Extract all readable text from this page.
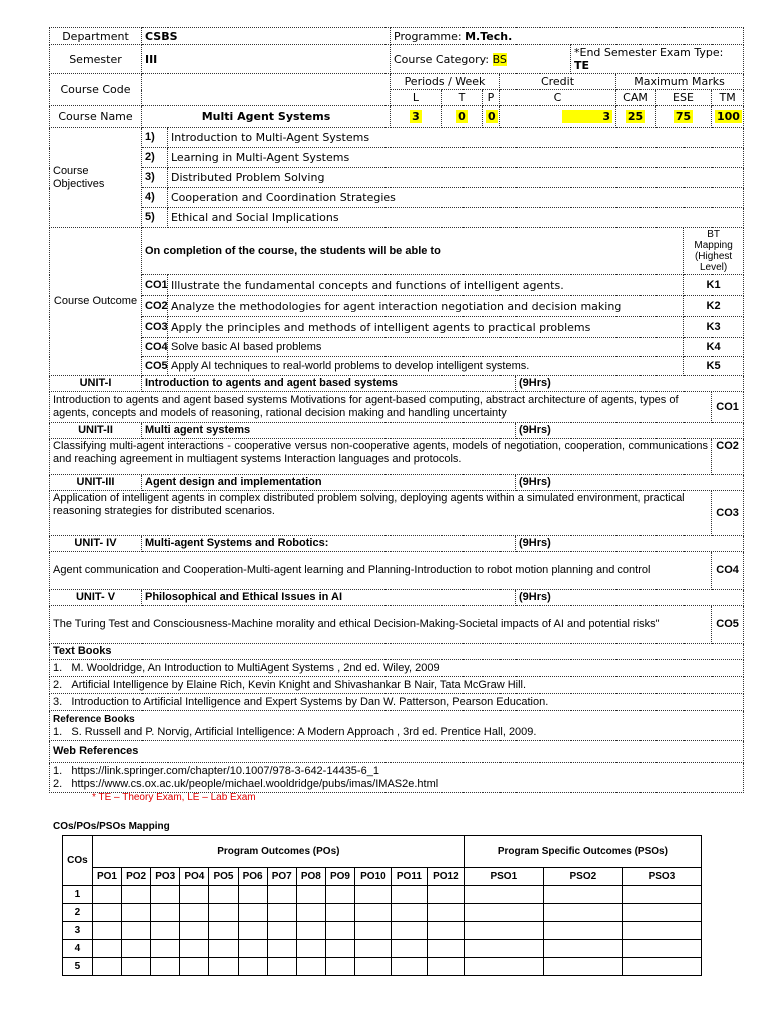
Department	CSBS		Programme: M.Tech.									
Semester	III		Course Category: BS					*End Semester Exam Type: TE				
Course Code			Periods / Week			Credit			Maximum Marks			
			L	T	P	C			CAM	ESE		TM
Course Name	Multi Agent Systems		3	0	0	3			25	75		100
Course Objectives	1)	Introduction to Multi-Agent Systems										
	2)	Learning in Multi-Agent Systems										
	3)	Distributed Problem Solving										
	4)	Cooperation and Coordination Strategies										
	5)	Ethical and Social Implications										
Course Outcome	On completion of the course, the students will be able to										BT Mapping (Highest Level)	
	CO1	Illustrate the fundamental concepts and functions of intelligent agents.									K1	
	CO2	Analyze the methodologies for agent interaction negotiation and decision making									K2	
	CO3	Apply the principles and methods of intelligent agents to practical problems									K3	
	CO4	Solve basic AI based problems									K4	
	CO5	Apply AI techniques to real-world problems to develop intelligent systems.									K5	
UNIT-I	Introduction to agents and agent based systems						(9Hrs)					
Introduction to agents and agent based systems Motivations for agent-based computing, abstract architecture of agents, types of agents, concepts and models of reasoning, rational decision making and handling uncertainty												CO1
UNIT-II	Multi agent systems						(9Hrs)					
Classifying multi-agent interactions - cooperative versus non-cooperative agents, models of negotiation, cooperation, communications and reaching agreement in multiagent systems Interaction languages and protocols.												CO2
UNIT-III	Agent design and implementation						(9Hrs)					
Application of intelligent agents in complex distributed problem solving, deploying agents within a simulated environment, practical reasoning strategies for distributed scenarios.												CO3
UNIT- IV	Multi-agent Systems and Robotics:						(9Hrs)					
Agent communication and Cooperation-Multi-agent learning and Planning-Introduction to robot motion planning and control												CO4
UNIT- V	Philosophical and Ethical Issues in AI						(9Hrs)					
The Turing Test and Consciousness-Machine morality and ethical Decision-Making-Societal impacts of AI and potential risks"												CO5
Text Books												
1. M. Wooldridge, An Introduction to MultiAgent Systems , 2nd ed. Wiley, 2009												
2. Artificial Intelligence by Elaine Rich, Kevin Knight and Shivashankar B Nair, Tata McGraw Hill.												
3. Introduction to Artificial Intelligence and Expert Systems by Dan W. Patterson, Pearson Education.												
Reference Books
1. S. Russell and P. Norvig, Artificial Intelligence: A Modern Approach , 3rd ed. Prentice Hall, 2009.												
Web References												
1. https://link.springer.com/chapter/10.1007/978-3-642-14435-6_1
2. https://www.cs.ox.ac.uk/people/michael.wooldridge/pubs/imas/IMAS2e.html												
* TE – Theory Exam, LE – Lab Exam
COs/POs/PSOs Mapping
COs	Program Outcomes (POs)												Program Specific Outcomes (PSOs)		
	PO1	PO2	PO3	PO4	PO5	PO6	PO7	PO8	PO9	PO10	PO11	PO12	PSO1	PSO2	PSO3
1															
2															
3															
4															
5															
